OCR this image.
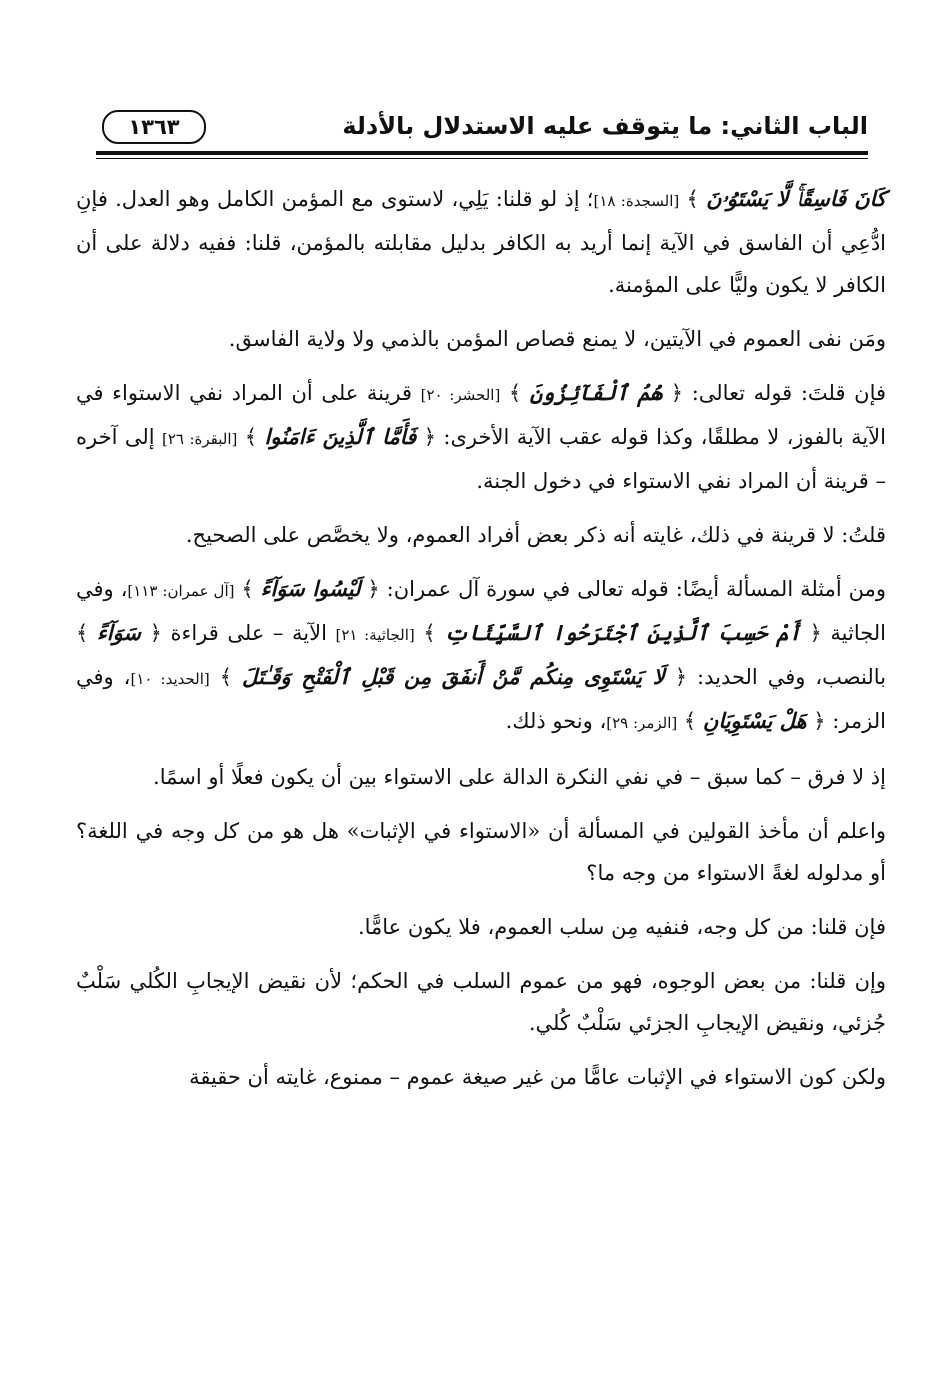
الباب الثاني: ما يتوقف عليه الاستدلال بالأدلة
١٣٦٣

كَانَ فَاسِقًاۚ لَّا يَسْتَوُۥنَ ﴾ [السجدة: ١٨]؛ إذ لو قلنا: يَلِي، لاستوى مع المؤمن الكامل وهو العدل. فإنِ ادُّعِي أن الفاسق في الآية إنما أريد به الكافر بدليل مقابلته بالمؤمن، قلنا: ففيه دلالة على أن الكافر لا يكون وليًّا على المؤمنة.

ومَن نفى العموم في الآيتين، لا يمنع قصاص المؤمن بالذمي ولا ولاية الفاسق.

فإن قلتَ: قوله تعالى: ﴿ هُمُ ٱلْفَآئِزُونَ ﴾ [الحشر: ٢٠] قرينة على أن المراد نفي الاستواء في الآية بالفوز، لا مطلقًا، وكذا قوله عقب الآية الأخرى: ﴿ فَأَمَّا ٱلَّذِينَ ءَامَنُوا ﴾ [البقرة: ٢٦] إلى آخره – قرينة أن المراد نفي الاستواء في دخول الجنة.

قلتُ: لا قرينة في ذلك، غايته أنه ذكر بعض أفراد العموم، ولا يخصَّص على الصحيح.

ومن أمثلة المسألة أيضًا: قوله تعالى في سورة آل عمران: ﴿ لَيْسُوا سَوَآءً ﴾ [آل عمران: ١١٣]، وفي الجاثية ﴿ أَمْ حَسِبَ ٱلَّذِينَ ٱجْتَرَحُوا ٱلسَّيِّئَاتِ ﴾ [الجاثية: ٢١] الآية – على قراءة ﴿ سَوَآءً ﴾ بالنصب، وفي الحديد: ﴿ لَا يَسْتَوِى مِنكُم مَّنْ أَنفَقَ مِن قَبْلِ ٱلْفَتْحِ وَقَـٰتَلَ ﴾ [الحديد: ١٠]، وفي الزمر: ﴿ هَلْ يَسْتَوِيَانِ ﴾ [الزمر: ٢٩]، ونحو ذلك.

إذ لا فرق – كما سبق – في نفي النكرة الدالة على الاستواء بين أن يكون فعلًا أو اسمًا.

واعلم أن مأخذ القولين في المسألة أن «الاستواء في الإثبات» هل هو من كل وجه في اللغة؟ أو مدلوله لغةً الاستواء من وجه ما؟

فإن قلنا: من كل وجه، فنفيه مِن سلب العموم، فلا يكون عامًّا.

وإن قلنا: من بعض الوجوه، فهو من عموم السلب في الحكم؛ لأن نقيض الإيجابِ الكُلي سَلْبٌ جُزئي، ونقيض الإيجابِ الجزئي سَلْبٌ كُلي.

ولكن كون الاستواء في الإثبات عامًّا من غير صيغة عموم – ممنوع، غايته أن حقيقة
